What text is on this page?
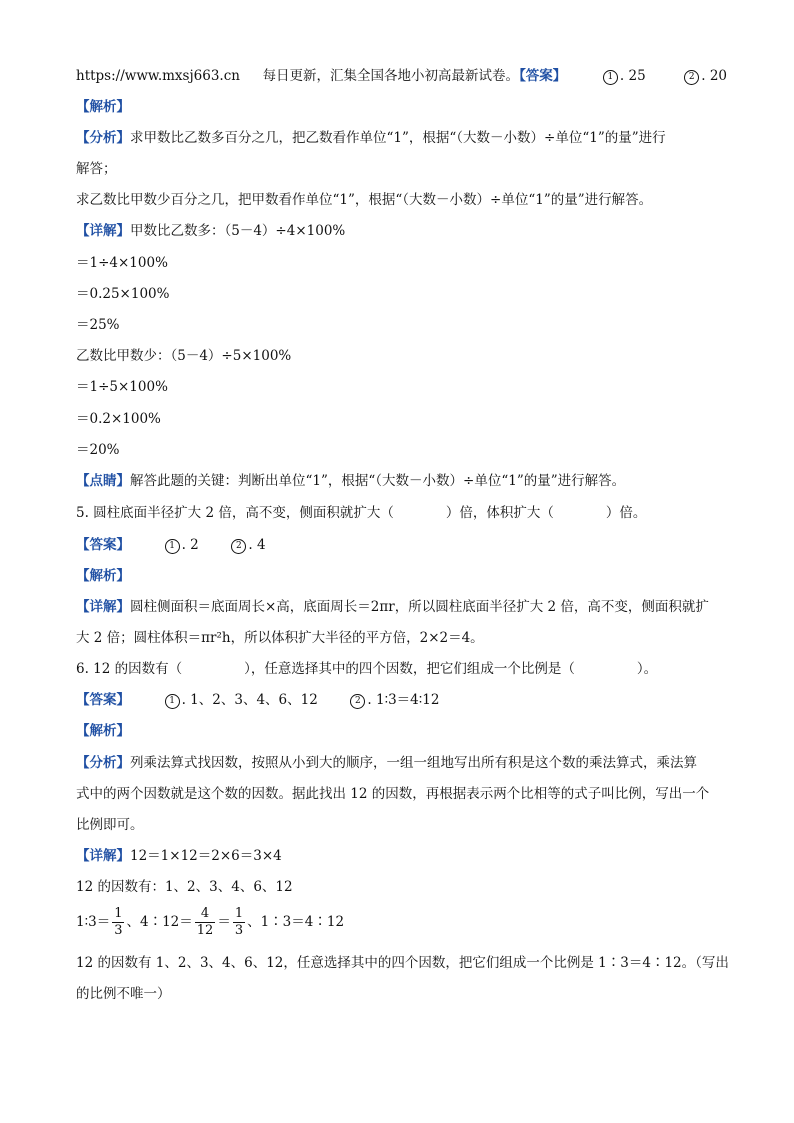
https://www.mxsj663.cn 每日更新，汇集全国各地小初高最新试卷。【答案】	1 . 25	2 . 20
【解析】
【分析】求甲数比乙数多百分之几，把乙数看作单位“1”，根据“（大数－小数）÷单位“1”的量”进行
解答；
求乙数比甲数少百分之几，把甲数看作单位“1”，根据“（大数－小数）÷单位“1”的量”进行解答。
【详解】甲数比乙数多：（5－4）÷4×100%
＝1÷4×100%
＝0.25×100%
＝25%
乙数比甲数少：（5－4）÷5×100%
＝1÷5×100%
＝0.2×100%
＝20%
【点睛】解答此题的关键：判断出单位“1”，根据“（大数－小数）÷单位“1”的量”进行解答。
5. 圆柱底面半径扩大 2 倍，高不变，侧面积就扩大（	）倍，体积扩大（	）倍。
【答案】	1 . 2	2 . 4
【解析】
【详解】圆柱侧面积＝底面周长×高，底面周长＝2πr，所以圆柱底面半径扩大 2 倍，高不变，侧面积就扩
大 2 倍；圆柱体积＝πr²h，所以体积扩大半径的平方倍，2×2＝4。
6. 12 的因数有（	），任意选择其中的四个因数，把它们组成一个比例是（	）。
【答案】	1 . 1、2、3、4、6、12	2 . 1∶3＝4∶12
【解析】
【分析】列乘法算式找因数，按照从小到大的顺序，一组一组地写出所有积是这个数的乘法算式，乘法算
式中的两个因数就是这个数的因数。据此找出 12 的因数，再根据表示两个比相等的式子叫比例，写出一个
比例即可。
【详解】12＝1×12＝2×6＝3×4
12 的因数有：1、2、3、4、6、12
1∶3＝ $\frac{1}{3}$ 、4∶12＝ $\frac{4}{12} = \frac{1}{3}$ 、1∶3＝4∶12
12 的因数有 1、2、3、4、6、12，任意选择其中的四个因数，把它们组成一个比例是 1∶3＝4∶12。（写出
的比例不唯一）
